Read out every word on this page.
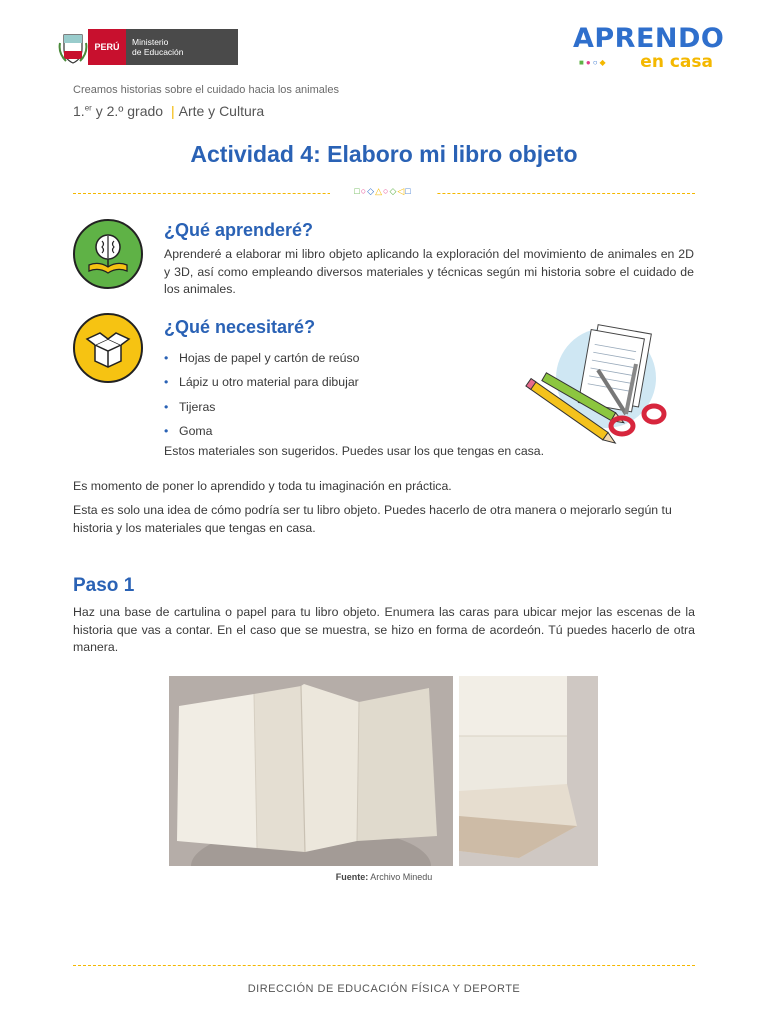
PERÚ	Ministerio
de Educación	APRENDO
en casa
■●○◆
Creamos historias sobre el cuidado hacia los animales
1.$^{er}$ y 2.º grado | Arte y Cultura
Actividad 4: Elaboro mi libro objeto
□○◇△○◇◁□
¿Qué aprenderé?
Aprenderé a elaborar mi libro objeto aplicando la exploración del movimiento de animales en 2D y 3D, así como empleando diversos materiales y técnicas según mi historia sobre el cuidado de los animales.
¿Qué necesitaré?
• Hojas de papel y cartón de reúso
• Lápiz u otro material para dibujar
• Tijeras
• Goma
Estos materiales son sugeridos. Puedes usar los que tengas en casa.
Es momento de poner lo aprendido y toda tu imaginación en práctica.
Esta es solo una idea de cómo podría ser tu libro objeto. Puedes hacerlo de otra manera o mejorarlo según tu historia y los materiales que tengas en casa.
Paso 1
Haz una base de cartulina o papel para tu libro objeto. Enumera las caras para ubicar mejor las escenas de la historia que vas a contar. En el caso que se muestra, se hizo en forma de acordeón. Tú puedes hacerlo de otra manera.
Fuente: Archivo Minedu
DIRECCIÓN DE EDUCACIÓN FÍSICA Y DEPORTE
